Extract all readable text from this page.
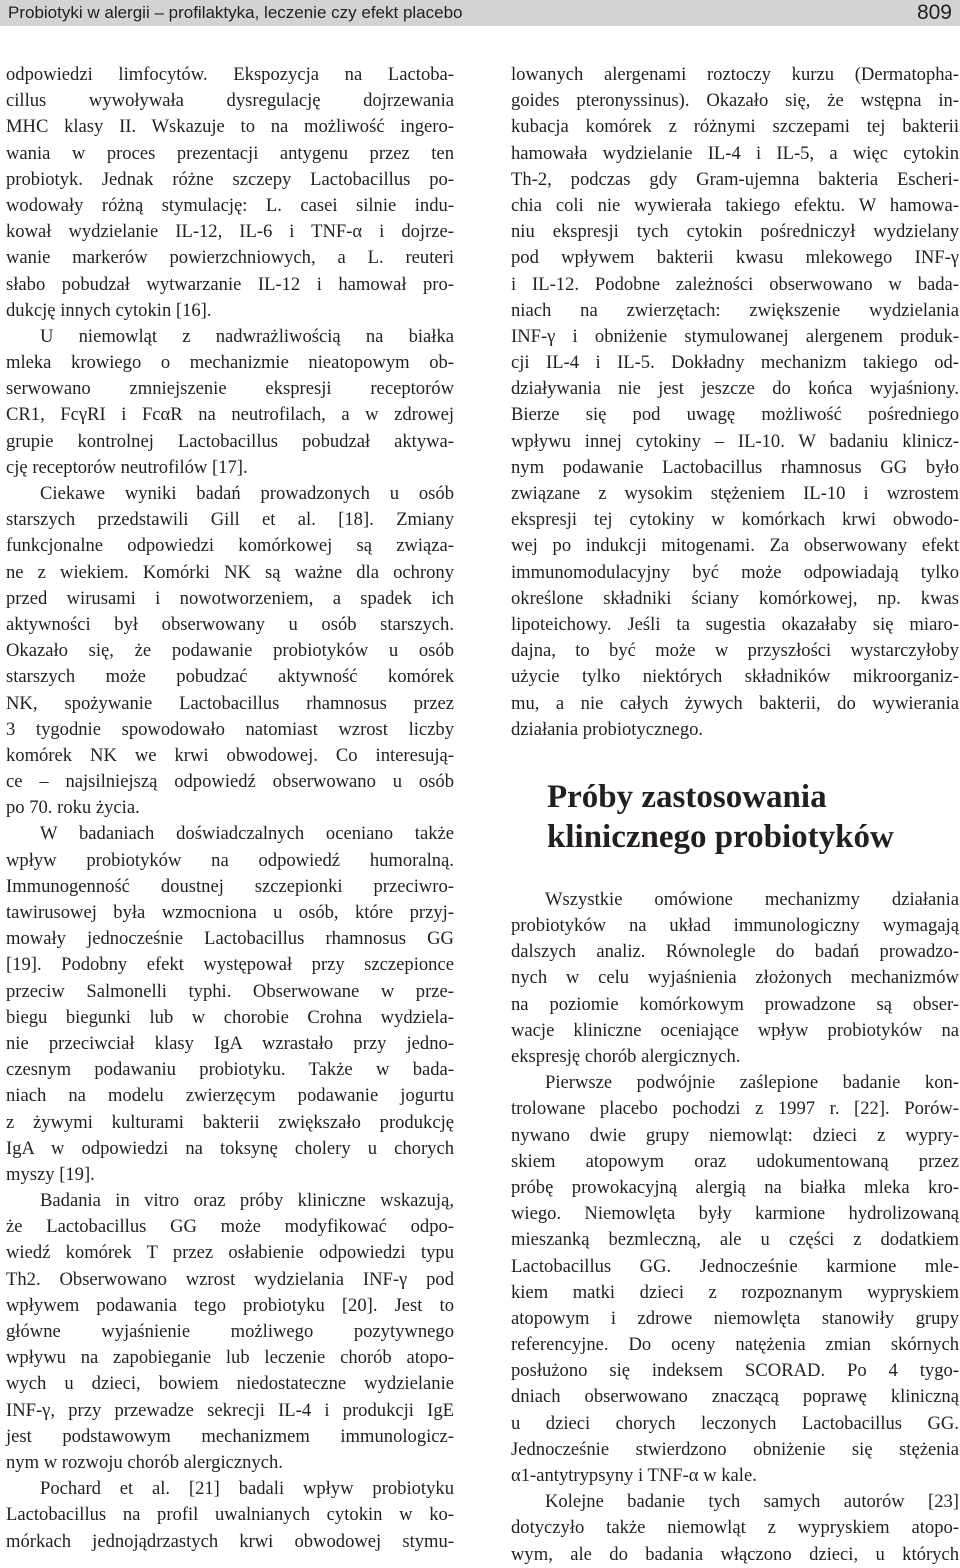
Probiotyki w alergii – profilaktyka, leczenie czy efekt placebo	809
odpowiedzi limfocytów. Ekspozycja na Lactoba-
cillus wywoływała dysregulację dojrzewania
MHC klasy II. Wskazuje to na możliwość ingero-
wania w proces prezentacji antygenu przez ten
probiotyk. Jednak różne szczepy Lactobacillus po-
wodowały różną stymulację: L. casei silnie indu-
kował wydzielanie IL-12, IL-6 i TNF-α i dojrze-
wanie markerów powierzchniowych, a L. reuteri
słabo pobudzał wytwarzanie IL-12 i hamował pro-
dukcję innych cytokin [16].
U niemowląt z nadwrażliwością na białka
mleka krowiego o mechanizmie nieatopowym ob-
serwowano zmniejszenie ekspresji receptorów
CR1, FcγRI i FcαR na neutrofilach, a w zdrowej
grupie kontrolnej Lactobacillus pobudzał aktywa-
cję receptorów neutrofilów [17].
Ciekawe wyniki badań prowadzonych u osób
starszych przedstawili Gill et al. [18]. Zmiany
funkcjonalne odpowiedzi komórkowej są związa-
ne z wiekiem. Komórki NK są ważne dla ochrony
przed wirusami i nowotworzeniem, a spadek ich
aktywności był obserwowany u osób starszych.
Okazało się, że podawanie probiotyków u osób
starszych może pobudzać aktywność komórek
NK, spożywanie Lactobacillus rhamnosus przez
3 tygodnie spowodowało natomiast wzrost liczby
komórek NK we krwi obwodowej. Co interesują-
ce – najsilniejszą odpowiedź obserwowano u osób
po 70. roku życia.
W badaniach doświadczalnych oceniano także
wpływ probiotyków na odpowiedź humoralną.
Immunogenność doustnej szczepionki przeciwro-
tawirusowej była wzmocniona u osób, które przyj-
mowały jednocześnie Lactobacillus rhamnosus GG
[19]. Podobny efekt występował przy szczepionce
przeciw Salmonelli typhi. Obserwowane w prze-
biegu biegunki lub w chorobie Crohna wydziela-
nie przeciwciał klasy IgA wzrastało przy jedno-
czesnym podawaniu probiotyku. Także w bada-
niach na modelu zwierzęcym podawanie jogurtu
z żywymi kulturami bakterii zwiększało produkcję
IgA w odpowiedzi na toksynę cholery u chorych
myszy [19].
Badania in vitro oraz próby kliniczne wskazują,
że Lactobacillus GG może modyfikować odpo-
wiedź komórek T przez osłabienie odpowiedzi typu
Th2. Obserwowano wzrost wydzielania INF-γ pod
wpływem podawania tego probiotyku [20]. Jest to
główne wyjaśnienie możliwego pozytywnego
wpływu na zapobieganie lub leczenie chorób atopo-
wych u dzieci, bowiem niedostateczne wydzielanie
INF-γ, przy przewadze sekrecji IL-4 i produkcji IgE
jest podstawowym mechanizmem immunologicz-
nym w rozwoju chorób alergicznych.
Pochard et al. [21] badali wpływ probiotyku
Lactobacillus na profil uwalnianych cytokin w ko-
mórkach jednojądrzastych krwi obwodowej stymu-
lowanych alergenami roztoczy kurzu (Dermatopha-
goides pteronyssinus). Okazało się, że wstępna in-
kubacja komórek z różnymi szczepami tej bakterii
hamowała wydzielanie IL-4 i IL-5, a więc cytokin
Th-2, podczas gdy Gram-ujemna bakteria Escheri-
chia coli nie wywierała takiego efektu. W hamowa-
niu ekspresji tych cytokin pośredniczył wydzielany
pod wpływem bakterii kwasu mlekowego INF-γ
i IL-12. Podobne zależności obserwowano w bada-
niach na zwierzętach: zwiększenie wydzielania
INF-γ i obniżenie stymulowanej alergenem produk-
cji IL-4 i IL-5. Dokładny mechanizm takiego od-
działywania nie jest jeszcze do końca wyjaśniony.
Bierze się pod uwagę możliwość pośredniego
wpływu innej cytokiny – IL-10. W badaniu klinicz-
nym podawanie Lactobacillus rhamnosus GG było
związane z wysokim stężeniem IL-10 i wzrostem
ekspresji tej cytokiny w komórkach krwi obwodo-
wej po indukcji mitogenami. Za obserwowany efekt
immunomodulacyjny być może odpowiadają tylko
określone składniki ściany komórkowej, np. kwas
lipoteichowy. Jeśli ta sugestia okazałaby się miaro-
dajna, to być może w przyszłości wystarczyłoby
użycie tylko niektórych składników mikroorganiz-
mu, a nie całych żywych bakterii, do wywierania
działania probiotycznego.
Próby zastosowania
klinicznego probiotyków
Wszystkie omówione mechanizmy działania
probiotyków na układ immunologiczny wymagają
dalszych analiz. Równolegle do badań prowadzo-
nych w celu wyjaśnienia złożonych mechanizmów
na poziomie komórkowym prowadzone są obser-
wacje kliniczne oceniające wpływ probiotyków na
ekspresję chorób alergicznych.
Pierwsze podwójnie zaślepione badanie kon-
trolowane placebo pochodzi z 1997 r. [22]. Porów-
nywano dwie grupy niemowląt: dzieci z wypry-
skiem atopowym oraz udokumentowaną przez
próbę prowokacyjną alergią na białka mleka kro-
wiego. Niemowlęta były karmione hydrolizowaną
mieszanką bezmleczną, ale u części z dodatkiem
Lactobacillus GG. Jednocześnie karmione mle-
kiem matki dzieci z rozpoznanym wypryskiem
atopowym i zdrowe niemowlęta stanowiły grupy
referencyjne. Do oceny natężenia zmian skórnych
posłużono się indeksem SCORAD. Po 4 tygo-
dniach obserwowano znaczącą poprawę kliniczną
u dzieci chorych leczonych Lactobacillus GG.
Jednocześnie stwierdzono obniżenie się stężenia
α1-antytrypsyny i TNF-α w kale.
Kolejne badanie tych samych autorów [23]
dotyczyło także niemowląt z wypryskiem atopo-
wym, ale do badania włączono dzieci, u których
